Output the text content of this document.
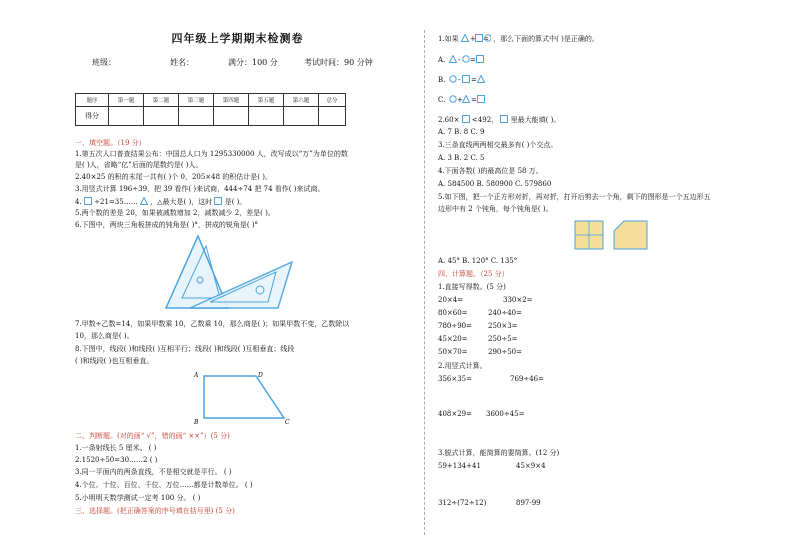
四年级上学期期末检测卷
班级：	姓名：	满分：100 分	考试时间：90 分钟
题序	第一题	第二题	第三题	第四题	第五题	第六题	总分
得分							
一、填空题。（19 分）
1.第五次人口普查结果公布：中国总人口为 1295330000 人，改写成以“万”为单位的数
是( )人，省略“亿”后面的尾数约是( )人。
2.40×25 的积的末尾一共有( )个 0，205×48 的积估计是( )。
3.用竖式计算 196÷39，把 39 看作( )来试商，444÷74 把 74 看作( )来试商。
4. ÷21=35…… ，△最大是( )，这时 是( )。
5.两个数的差是 20，如果被减数增加 2，减数减少 2，差是( )。
6.下图中，两块三角板拼成的钝角是( )°，拼成的锐角是( )°
7.甲数÷乙数=14，如果甲数乘 10，乙数乘 10，那么商是( )；如果甲数不变，乙数除以
10，那么商是( )。
8.下图中，线段( )和线段( )互相平行；线段( )和线段( )互相垂直；线段
( )和线段( )也互相垂直。
A	D
B	C
二、判断题。(对的画“ √”，错的画“ ××”）(5 分)
1.一条射线长 5 厘米。 ( )
2.1520÷50=30……2 ( )
3.同一平面内的两条直线，不是相交就是平行。 ( )
4.个位、十位、百位、千位、万位……都是计数单位。 ( )
5.小明明天数学测试一定考 100 分。 ( )
三、选择题。(把正确答案的序号填在括号里) (5 分)
1.如果 + = ，那么下面的算式中( )是正确的。
A. - =
B. - =
C. + =
2.60× <492， 里最大能填( )。
A. 7 B. 8 C. 9
3.三条直线两两相交最多有( )个交点。
A. 3 B. 2 C. 5
4.下面各数( )的最高位是 58 万。
A. 584500 B. 580900 C. 579860
5.如下图，把一个正方形对折，再对折，打开后剪去一个角，剩下的图形是一个五边形五
边形中有 2 个钝角，每个钝角是( )。
A. 45° B. 120° C. 135°
四、计算题。（25 分）
1.直接写得数。(5 分)
20×4=	330×2=
80×60=	240÷40=
780÷90= 250×3=
45×20=	250÷5=
50×70=	290÷50=
2.用竖式计算。
356×35=	769÷46=
408×29= 3600÷45=
3.脱式计算，能简算的要简算。(12 分)
59+134+41	45×9×4
312÷(72÷12)	897-99
